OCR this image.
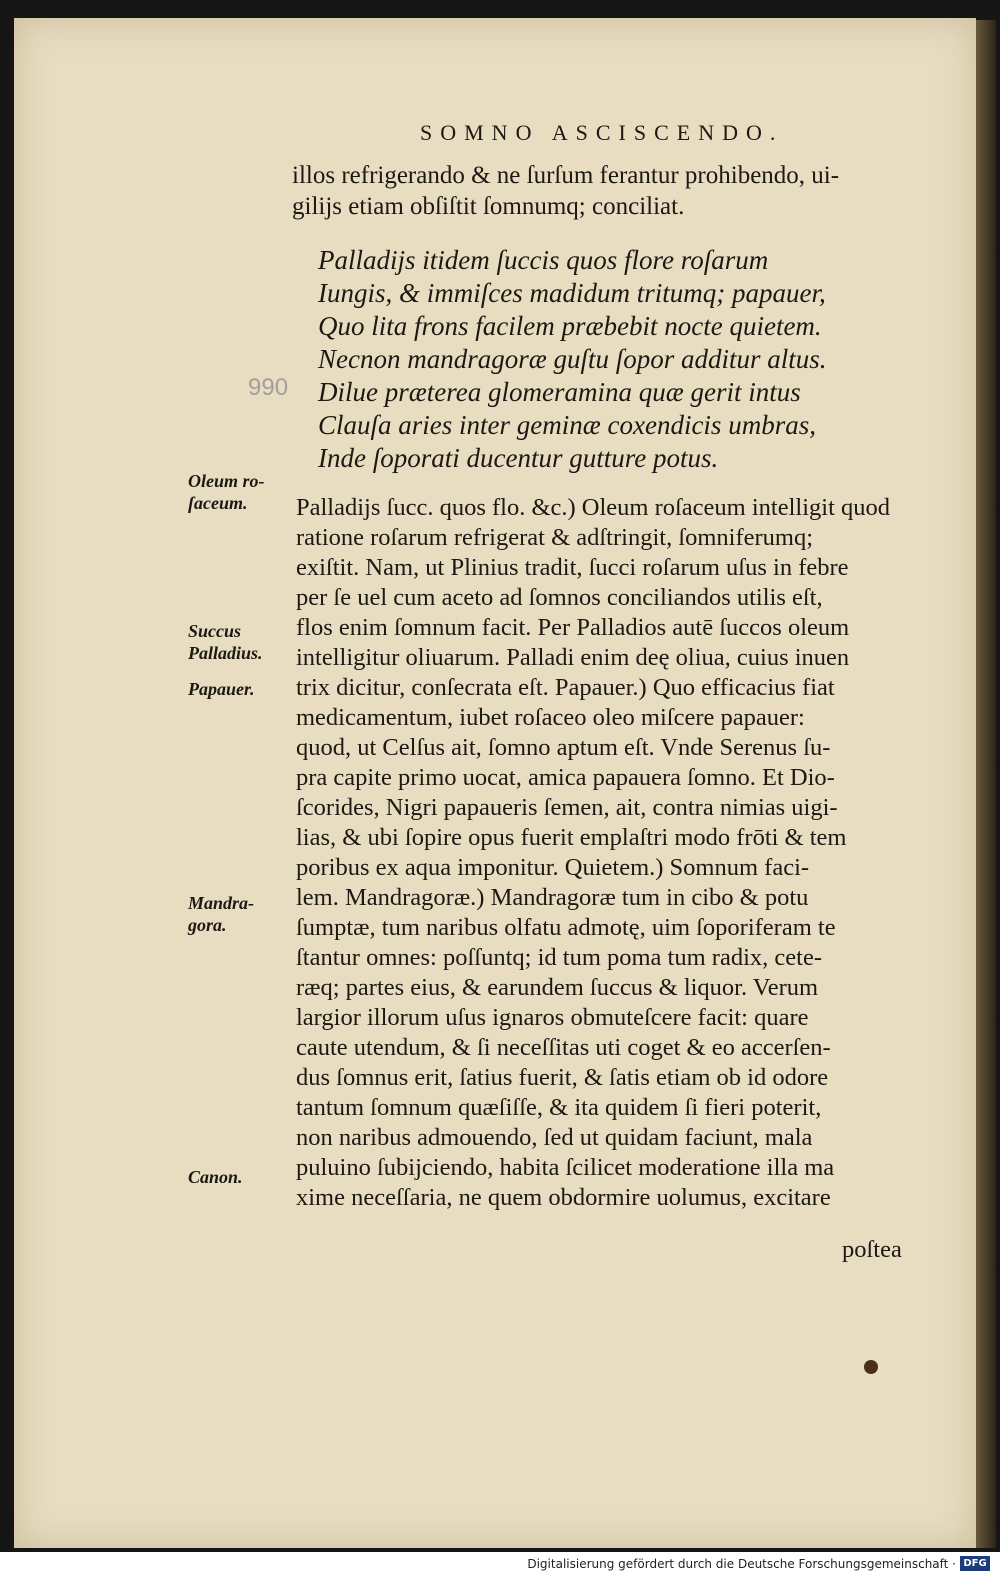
SOMNO ASCISCENDO.
illos refrigerando & ne ſurſum ferantur prohibendo, ui-
giliјs etiam obſiſtit ſomnumq; conciliat.
990
Palladijs itidem ſuccis quos flore roſarum
Iungis, & immiſces madidum tritumq; papauer,
Quo lita frons facilem præbebit nocte quietem.
Necnon mandragoræ guſtu ſopor additur altus.
Dilue præterea glomeramina quæ gerit intus
Clauſa aries inter geminæ coxendicis umbras,
Inde ſoporati ducentur gutture potus.
Oleum ro-
ſaceum.
Succus
Palladius.
Papauer.
Mandra-
gora.
Canon.
Palladijs ſucc. quos flo. &c.) Oleum roſaceum intelligit quod
ratione roſarum refrigerat & adſtringit, ſomniferumq;
exiſtit. Nam, ut Plinius tradit, ſucci roſarum uſus in febre
per ſe uel cum aceto ad ſomnos conciliandos utilis eſt,
flos enim ſomnum facit. Per Palladios autē ſuccos oleum
intelligitur oliuarum. Palladi enim deę oliua, cuius inuen
trix dicitur, conſecrata eſt. Papauer.) Quo efficacius fiat
medicamentum, iubet roſaceo oleo miſcere papauer:
quod, ut Celſus ait, ſomno aptum eſt. Vnde Serenus ſu-
pra capite primo uocat, amica papauera ſomno. Et Dio-
ſcorides, Nigri papaueris ſemen, ait, contra nimias uigi-
lias, & ubi ſopire opus fuerit emplaſtri modo frōti & tem
poribus ex aqua imponitur. Quietem.) Somnum faci-
lem. Mandragoræ.) Mandragoræ tum in cibo & potu
ſumptæ, tum naribus olfatu admotę, uim ſoporiferam te
ſtantur omnes: poſſuntq; id tum poma tum radix, cete-
ræq; partes eius, & earundem ſuccus & liquor. Verum
largior illorum uſus ignaros obmuteſcere facit: quare
caute utendum, & ſi neceſſitas uti coget & eo accerſen-
dus ſomnus erit, ſatius fuerit, & ſatis etiam ob id odore
tantum ſomnum quæſiſſe, & ita quidem ſi fieri poterit,
non naribus admouendo, ſed ut quidam faciunt, mala
puluino ſubijciendo, habita ſcilicet moderatione illa ma
xime neceſſaria, ne quem obdormire uolumus, excitare
poſtea
Digitalisierung gefördert durch die Deutsche Forschungsgemeinschaft · DFG
